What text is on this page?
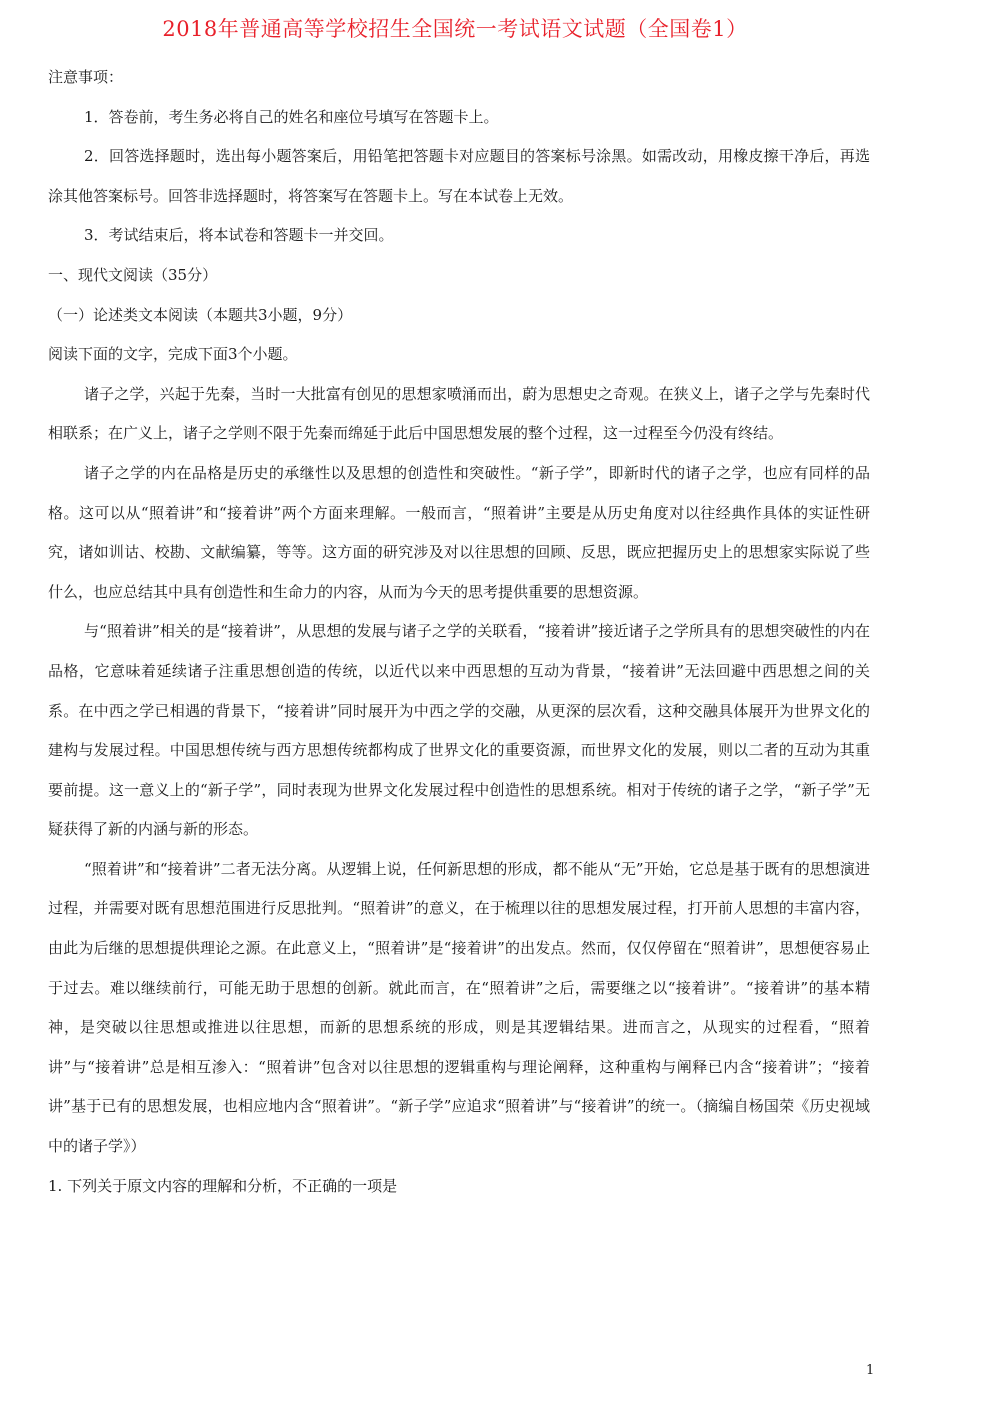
2018年普通高等学校招生全国统一考试语文试题（全国卷1）

注意事项：

1．答卷前，考生务必将自己的姓名和座位号填写在答题卡上。

2．回答选择题时，选出每小题答案后，用铅笔把答题卡对应题目的答案标号涂黑。如需改动，用橡皮擦干净后，再选涂其他答案标号。回答非选择题时，将答案写在答题卡上。写在本试卷上无效。

3．考试结束后，将本试卷和答题卡一并交回。

一、现代文阅读（35分）

（一）论述类文本阅读（本题共3小题，9分）

阅读下面的文字，完成下面3个小题。

诸子之学，兴起于先秦，当时一大批富有创见的思想家喷涌而出，蔚为思想史之奇观。在狭义上，诸子之学与先秦时代相联系；在广义上，诸子之学则不限于先秦而绵延于此后中国思想发展的整个过程，这一过程至今仍没有终结。

诸子之学的内在品格是历史的承继性以及思想的创造性和突破性。“新子学”，即新时代的诸子之学，也应有同样的品格。这可以从“照着讲”和“接着讲”两个方面来理解。一般而言，“照着讲”主要是从历史角度对以往经典作具体的实证性研究，诸如训诂、校勘、文献编纂，等等。这方面的研究涉及对以往思想的回顾、反思，既应把握历史上的思想家实际说了些什么，也应总结其中具有创造性和生命力的内容，从而为今天的思考提供重要的思想资源。

与“照着讲”相关的是“接着讲”，从思想的发展与诸子之学的关联看，“接着讲”接近诸子之学所具有的思想突破性的内在品格，它意味着延续诸子注重思想创造的传统，以近代以来中西思想的互动为背景，“接着讲”无法回避中西思想之间的关系。在中西之学已相遇的背景下，“接着讲”同时展开为中西之学的交融，从更深的层次看，这种交融具体展开为世界文化的建构与发展过程。中国思想传统与西方思想传统都构成了世界文化的重要资源，而世界文化的发展，则以二者的互动为其重要前提。这一意义上的“新子学”，同时表现为世界文化发展过程中创造性的思想系统。相对于传统的诸子之学，“新子学”无疑获得了新的内涵与新的形态。

“照着讲”和“接着讲”二者无法分离。从逻辑上说，任何新思想的形成，都不能从“无”开始，它总是基于既有的思想演进过程，并需要对既有思想范围进行反思批判。“照着讲”的意义，在于梳理以往的思想发展过程，打开前人思想的丰富内容，由此为后继的思想提供理论之源。在此意义上，“照着讲”是“接着讲”的出发点。然而，仅仅停留在“照着讲”，思想便容易止于过去。难以继续前行，可能无助于思想的创新。就此而言，在“照着讲”之后，需要继之以“接着讲”。“接着讲”的基本精神，是突破以往思想或推进以往思想，而新的思想系统的形成，则是其逻辑结果。进而言之，从现实的过程看，“照着讲”与“接着讲”总是相互渗入：“照着讲”包含对以往思想的逻辑重构与理论阐释，这种重构与阐释已内含“接着讲”；“接着讲”基于已有的思想发展，也相应地内含“照着讲”。“新子学”应追求“照着讲”与“接着讲”的统一。（摘编自杨国荣《历史视域中的诸子学》）

1. 下列关于原文内容的理解和分析，不正确的一项是

1
